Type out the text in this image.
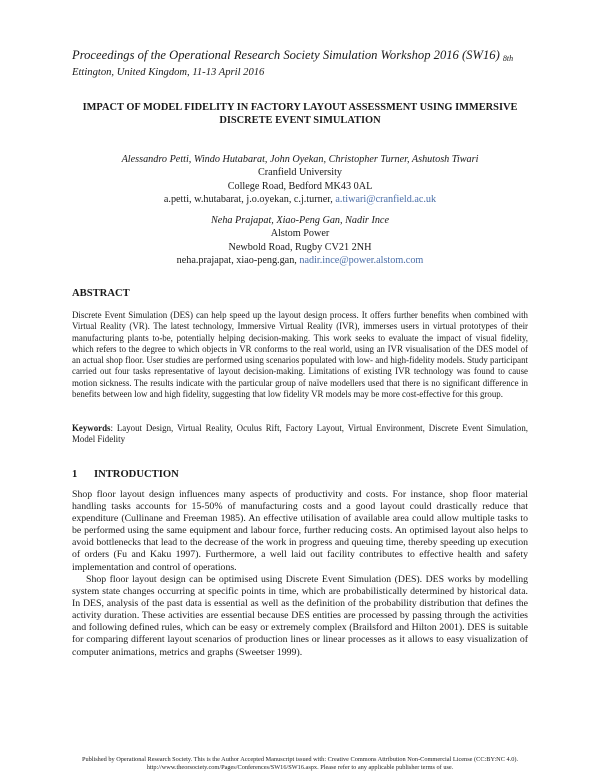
Proceedings of the Operational Research Society Simulation Workshop 2016 (SW16) 8th
Ettington, United Kingdom, 11-13 April 2016
IMPACT OF MODEL FIDELITY IN FACTORY LAYOUT ASSESSMENT USING IMMERSIVE
DISCRETE EVENT SIMULATION
Alessandro Petti, Windo Hutabarat, John Oyekan, Christopher Turner, Ashutosh Tiwari
Cranfield University
College Road, Bedford MK43 0AL
a.petti, w.hutabarat, j.o.oyekan, c.j.turner, a.tiwari@cranfield.ac.uk
Neha Prajapat, Xiao-Peng Gan, Nadir Ince
Alstom Power
Newbold Road, Rugby CV21 2NH
neha.prajapat, xiao-peng.gan, nadir.ince@power.alstom.com
ABSTRACT

Discrete Event Simulation (DES) can help speed up the layout design process. It offers further benefits when combined with Virtual Reality (VR). The latest technology, Immersive Virtual Reality (IVR), immerses users in virtual prototypes of their manufacturing plants to-be, potentially helping decision-making. This work seeks to evaluate the impact of visual fidelity, which refers to the degree to which objects in VR conforms to the real world, using an IVR visualisation of the DES model of an actual shop floor. User studies are performed using scenarios populated with low- and high-fidelity models. Study participant carried out four tasks representative of layout decision-making. Limitations of existing IVR technology was found to cause motion sickness. The results indicate with the particular group of naïve modellers used that there is no significant difference in benefits between low and high fidelity, suggesting that low fidelity VR models may be more cost-effective for this group.

Keywords: Layout Design, Virtual Reality, Oculus Rift, Factory Layout, Virtual Environment, Discrete Event Simulation, Model Fidelity

1 INTRODUCTION

Shop floor layout design influences many aspects of productivity and costs. For instance, shop floor material handling tasks accounts for 15-50% of manufacturing costs and a good layout could drastically reduce that expenditure (Cullinane and Freeman 1985). An effective utilisation of available area could allow multiple tasks to be performed using the same equipment and labour force, further reducing costs. An optimised layout also helps to avoid bottlenecks that lead to the decrease of the work in progress and queuing time, thereby speeding up execution of orders (Fu and Kaku 1997). Furthermore, a well laid out facility contributes to effective health and safety implementation and control of operations.

Shop floor layout design can be optimised using Discrete Event Simulation (DES). DES works by modelling system state changes occurring at specific points in time, which are probabilistically determined by historical data. In DES, analysis of the past data is essential as well as the definition of the probability distribution that defines the activity duration. These activities are essential because DES entities are processed by passing through the activities and following defined rules, which can be easy or extremely complex (Brailsford and Hilton 2001). DES is suitable for comparing different layout scenarios of production lines or linear processes as it allows to easy visualization of computer animations, metrics and graphs (Sweetser 1999).

Published by Operational Research Society. This is the Author Accepted Manuscript issued with: Creative Commons Attribution Non-Commercial License (CC:BY:NC 4.0).
http://www.theorsociety.com/Pages/Conferences/SW16/SW16.aspx. Please refer to any applicable publisher terms of use.
